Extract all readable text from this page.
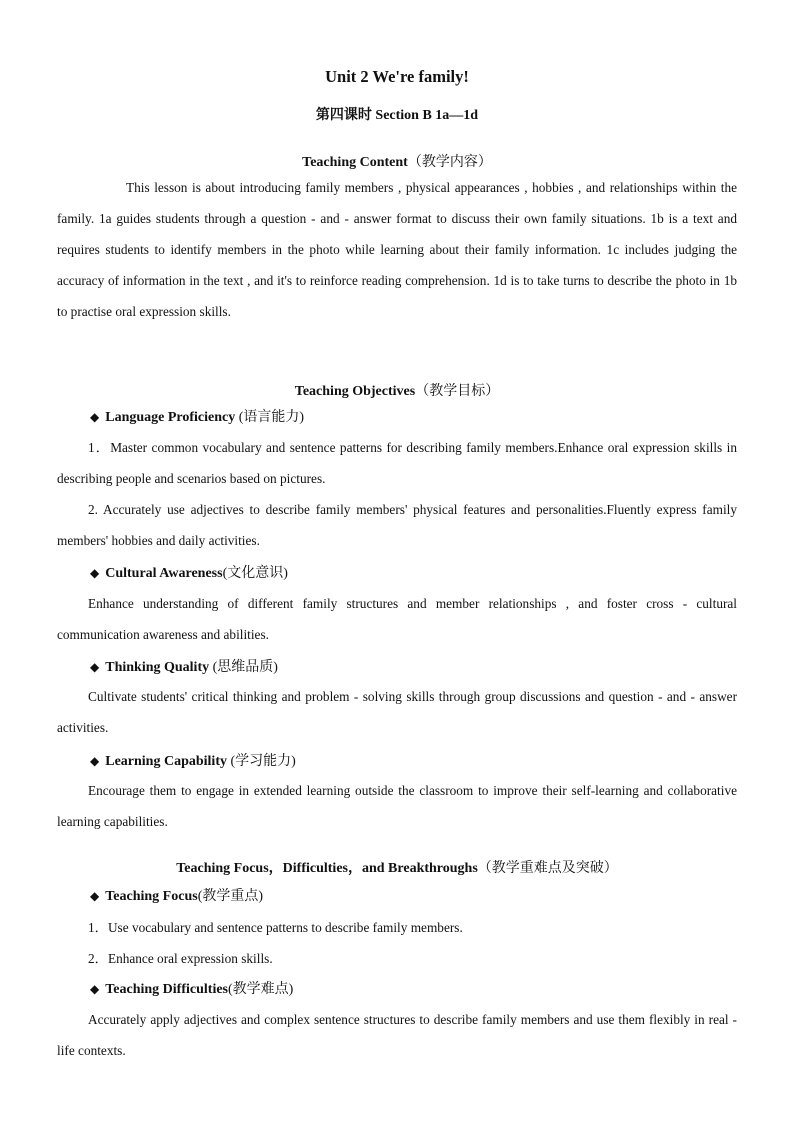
Unit 2 We're family!
第四课时 Section B 1a—1d
Teaching Content（教学内容）
This lesson is about introducing family members , physical appearances , hobbies , and relationships within the family. 1a guides students through a question - and - answer format to discuss their own family situations. 1b is a text and requires students to identify members in the photo while learning about their family information. 1c includes judging the accuracy of information in the text , and it's to reinforce reading comprehension. 1d is to take turns to describe the photo in 1b to practise oral expression skills.
Teaching Objectives（教学目标）
◆ Language Proficiency (语言能力)
1．Master common vocabulary and sentence patterns for describing family members.Enhance oral expression skills in describing people and scenarios based on pictures.
2. Accurately use adjectives to describe family members' physical features and personalities.Fluently express family members' hobbies and daily activities.
◆ Cultural Awareness(文化意识)
Enhance understanding of different family structures and member relationships , and foster cross - cultural communication awareness and abilities.
◆ Thinking Quality (思维品质)
Cultivate students' critical thinking and problem - solving skills through group discussions and question - and - answer activities.
◆ Learning Capability (学习能力)
Encourage them to engage in extended learning outside the classroom to improve their self-learning and collaborative learning capabilities.
Teaching Focus，Difficulties，and Breakthroughs（教学重难点及突破）
◆ Teaching Focus(教学重点)
1．Use vocabulary and sentence patterns to describe family members.
2．Enhance oral expression skills.
◆ Teaching Difficulties(教学难点)
Accurately apply adjectives and complex sentence structures to describe family members and use them flexibly in real - life contexts.
